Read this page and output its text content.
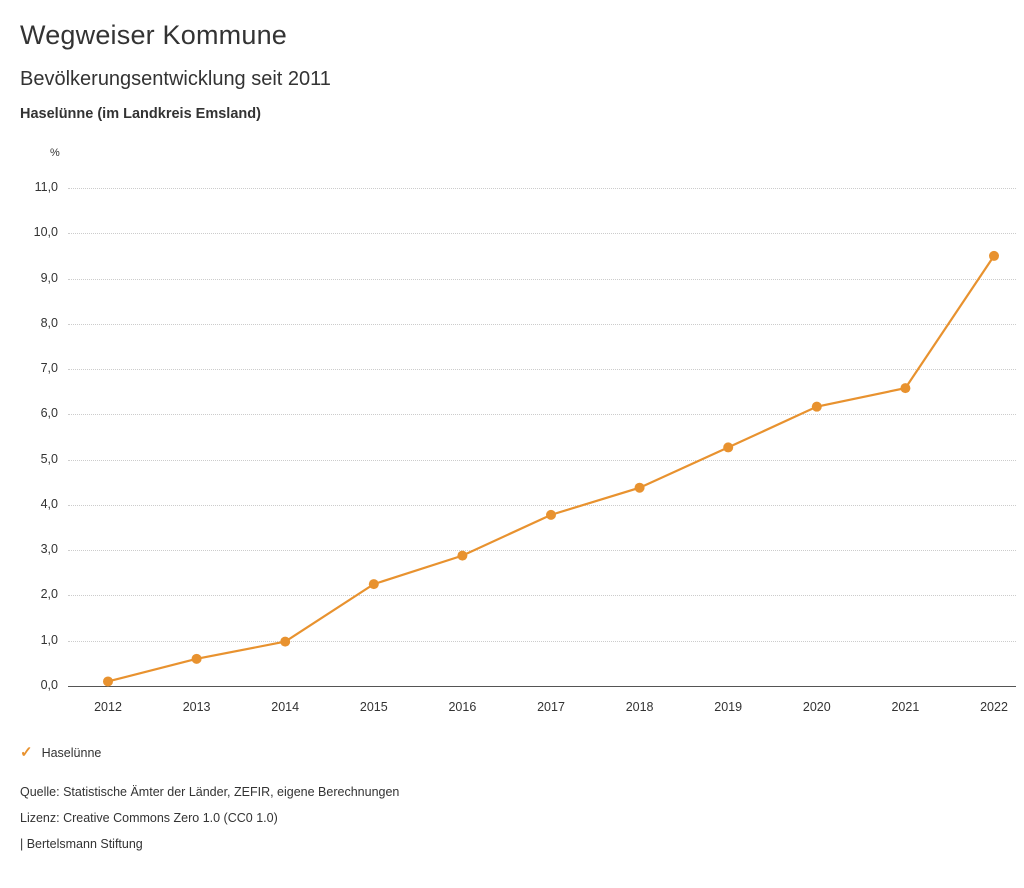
Wegweiser Kommune
Bevölkerungsentwicklung seit 2011
Haselünne (im Landkreis Emsland)
%
0,0
1,0
2,0
3,0
4,0
5,0
6,0
7,0
8,0
9,0
10,0
11,0
2012	2013	2014	2015	2016	2017	2018	2019	2020	2021	2022
✓ Haselünne
Quelle: Statistische Ämter der Länder, ZEFIR, eigene Berechnungen
Lizenz: Creative Commons Zero 1.0 (CC0 1.0)
| Bertelsmann Stiftung
